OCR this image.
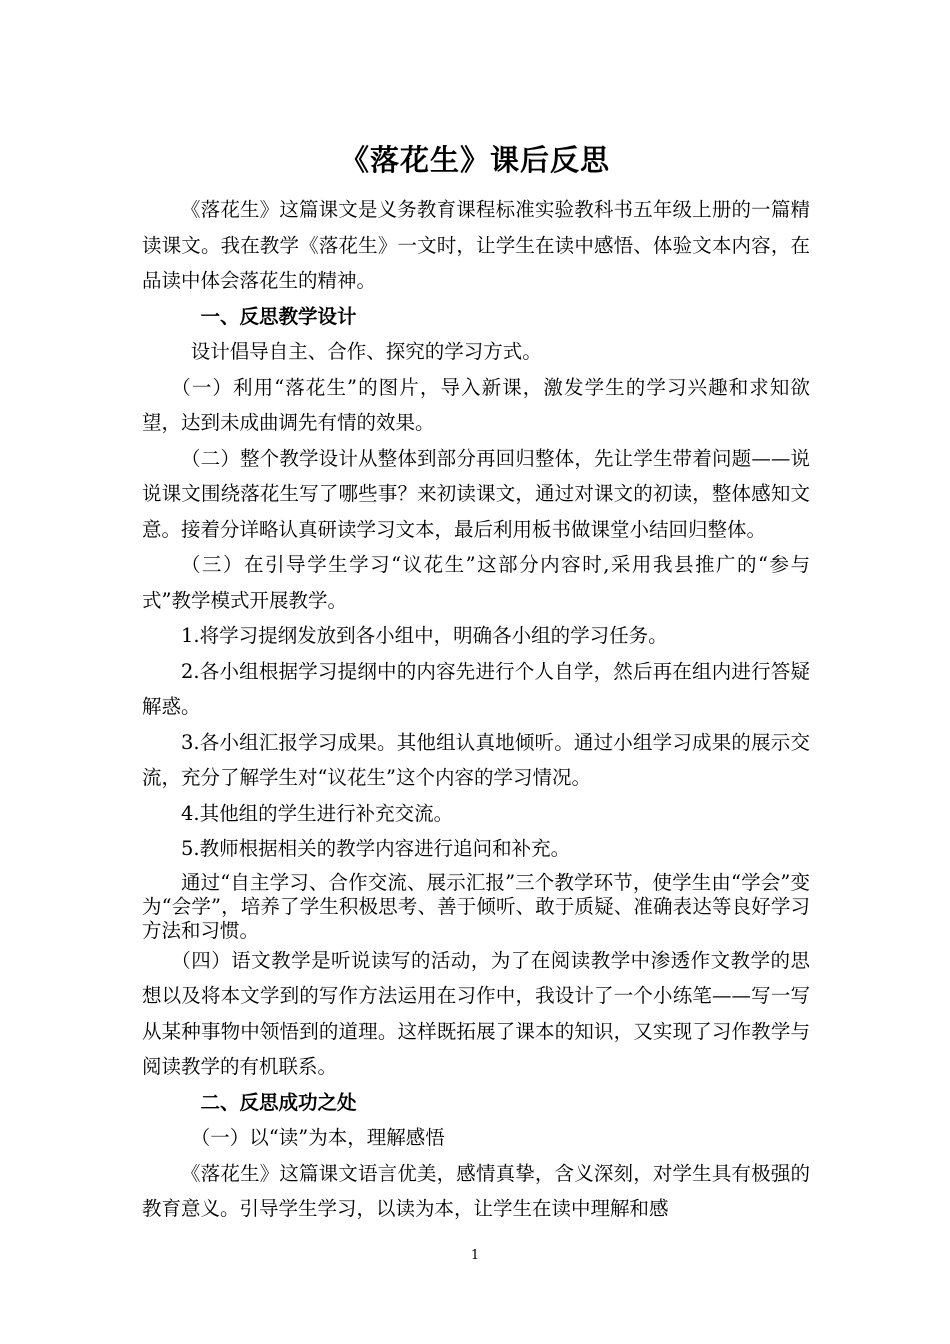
《落花生》课后反思

《落花生》这篇课文是义务教育课程标准实验教科书五年级上册的一篇精读课文。我在教学《落花生》一文时，让学生在读中感悟、体验文本内容，在品读中体会落花生的精神。

一、反思教学设计

设计倡导自主、合作、探究的学习方式。

（一）利用“落花生”的图片，导入新课，激发学生的学习兴趣和求知欲望，达到未成曲调先有情的效果。

（二）整个教学设计从整体到部分再回归整体，先让学生带着问题——说说课文围绕落花生写了哪些事？来初读课文，通过对课文的初读，整体感知文意。接着分详略认真研读学习文本，最后利用板书做课堂小结回归整体。

（三）在引导学生学习“议花生”这部分内容时,采用我县推广的“参与式”教学模式开展教学。

1.将学习提纲发放到各小组中，明确各小组的学习任务。

2.各小组根据学习提纲中的内容先进行个人自学，然后再在组内进行答疑解惑。

3.各小组汇报学习成果。其他组认真地倾听。通过小组学习成果的展示交流，充分了解学生对“议花生”这个内容的学习情况。

4.其他组的学生进行补充交流。

5.教师根据相关的教学内容进行追问和补充。

通过“自主学习、合作交流、展示汇报”三个教学环节，使学生由“学会”变为“会学”，培养了学生积极思考、善于倾听、敢于质疑、准确表达等良好学习方法和习惯。

（四）语文教学是听说读写的活动，为了在阅读教学中渗透作文教学的思想以及将本文学到的写作方法运用在习作中，我设计了一个小练笔——写一写从某种事物中领悟到的道理。这样既拓展了课本的知识，又实现了习作教学与阅读教学的有机联系。

二、反思成功之处

（一）以“读”为本，理解感悟

《落花生》这篇课文语言优美，感情真挚，含义深刻，对学生具有极强的教育意义。引导学生学习，以读为本，让学生在读中理解和感

1
